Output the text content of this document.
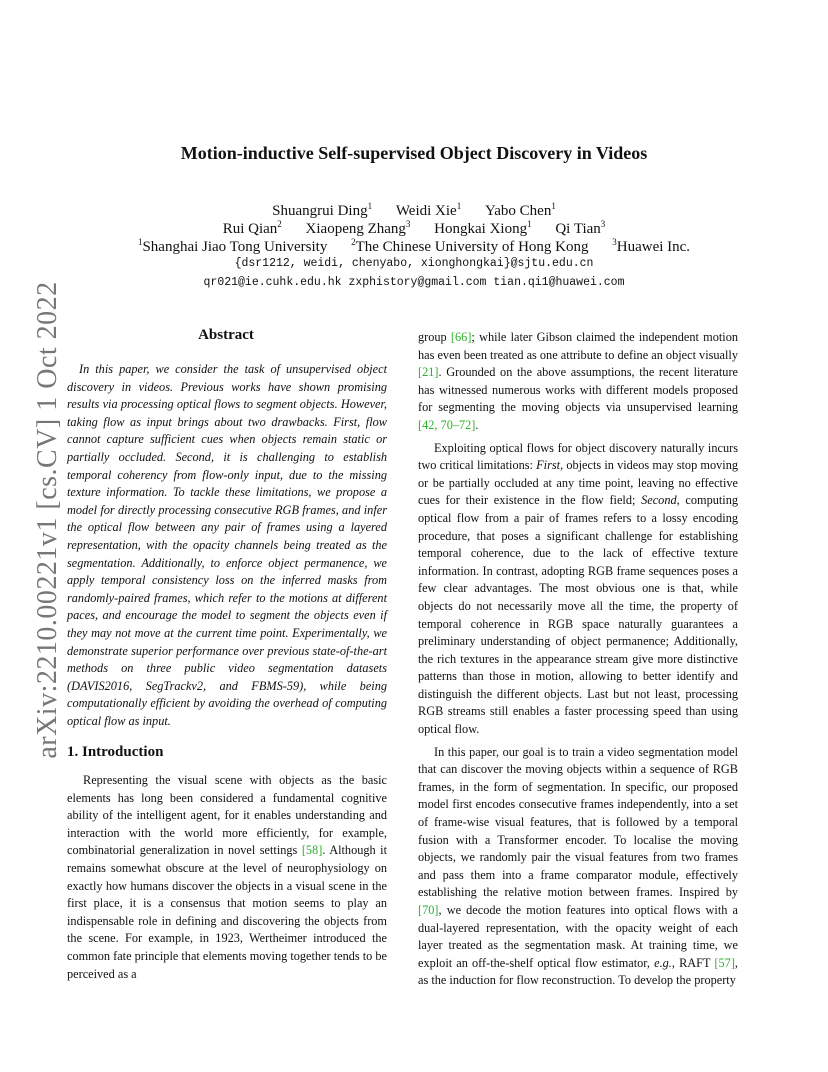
arXiv:2210.00221v1 [cs.CV] 1 Oct 2022
Motion-inductive Self-supervised Object Discovery in Videos
Shuangrui Ding$^1$ Weidi Xie$^1$ Yabo Chen$^1$
Rui Qian$^2$ Xiaopeng Zhang$^3$ Hongkai Xiong$^1$ Qi Tian$^3$
$^1$Shanghai Jiao Tong University	$^2$The Chinese University of Hong Kong	$^3$Huawei Inc.
{dsr1212, weidi, chenyabo, xionghongkai}@sjtu.edu.cn
qr021@ie.cuhk.edu.hk zxphistory@gmail.com tian.qi1@huawei.com
Abstract

In this paper, we consider the task of unsupervised object discovery in videos. Previous works have shown promising results via processing optical flows to segment objects. However, taking flow as input brings about two drawbacks. First, flow cannot capture sufficient cues when objects remain static or partially occluded. Second, it is challenging to establish temporal coherency from flow-only input, due to the missing texture information. To tackle these limitations, we propose a model for directly processing consecutive RGB frames, and infer the optical flow between any pair of frames using a layered representation, with the opacity channels being treated as the segmentation. Additionally, to enforce object permanence, we apply temporal consistency loss on the inferred masks from randomly-paired frames, which refer to the motions at different paces, and encourage the model to segment the objects even if they may not move at the current time point. Experimentally, we demonstrate superior performance over previous state-of-the-art methods on three public video segmentation datasets (DAVIS2016, SegTrackv2, and FBMS-59), while being computationally efficient by avoiding the overhead of computing optical flow as input.

1. Introduction

Representing the visual scene with objects as the basic elements has long been considered a fundamental cognitive ability of the intelligent agent, for it enables understanding and interaction with the world more efficiently, for example, combinatorial generalization in novel settings [58]. Although it remains somewhat obscure at the level of neurophysiology on exactly how humans discover the objects in a visual scene in the first place, it is a consensus that motion seems to play an indispensable role in defining and discovering the objects from the scene. For example, in 1923, Wertheimer introduced the common fate principle that elements moving together tends to be perceived as a

group [66]; while later Gibson claimed the independent motion has even been treated as one attribute to define an object visually [21]. Grounded on the above assumptions, the recent literature has witnessed numerous works with different models proposed for segmenting the moving objects via unsupervised learning [42, 70–72].

Exploiting optical flows for object discovery naturally incurs two critical limitations: First, objects in videos may stop moving or be partially occluded at any time point, leaving no effective cues for their existence in the flow field; Second, computing optical flow from a pair of frames refers to a lossy encoding procedure, that poses a significant challenge for establishing temporal coherence, due to the lack of effective texture information. In contrast, adopting RGB frame sequences poses a few clear advantages. The most obvious one is that, while objects do not necessarily move all the time, the property of temporal coherence in RGB space naturally guarantees a preliminary understanding of object permanence; Additionally, the rich textures in the appearance stream give more distinctive patterns than those in motion, allowing to better identify and distinguish the different objects. Last but not least, processing RGB streams still enables a faster processing speed than using optical flow.

In this paper, our goal is to train a video segmentation model that can discover the moving objects within a sequence of RGB frames, in the form of segmentation. In specific, our proposed model first encodes consecutive frames independently, into a set of frame-wise visual features, that is followed by a temporal fusion with a Transformer encoder. To localise the moving objects, we randomly pair the visual features from two frames and pass them into a frame comparator module, effectively establishing the relative motion between frames. Inspired by [70], we decode the motion features into optical flows with a dual-layered representation, with the opacity weight of each layer treated as the segmentation mask. At training time, we exploit an off-the-shelf optical flow estimator, e.g., RAFT [57], as the induction for flow reconstruction. To develop the property
